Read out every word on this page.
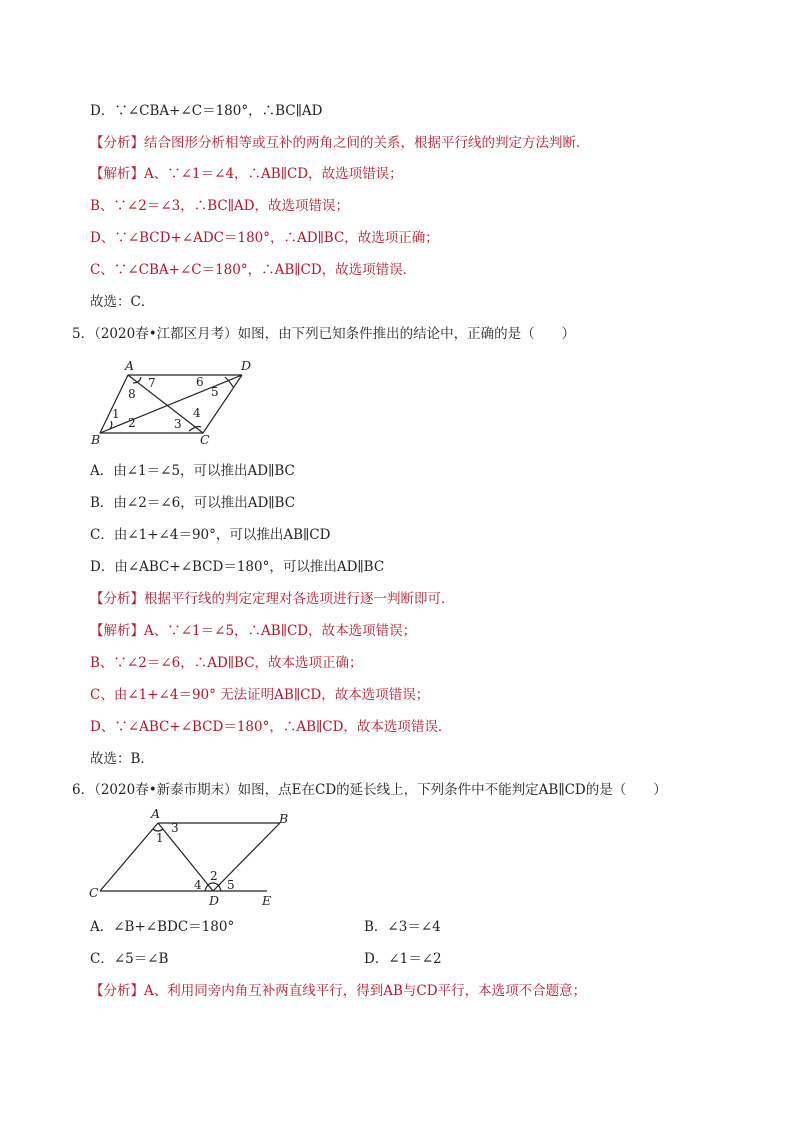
D．∵∠CBA+∠C＝180°，∴BC∥AD
【分析】结合图形分析相等或互补的两角之间的关系，根据平行线的判定方法判断．
【解析】A、∵∠1＝∠4，∴AB∥CD，故选项错误；
B、∵∠2＝∠3，∴BC∥AD，故选项错误；
D、∵∠BCD+∠ADC＝180°，∴AD∥BC，故选项正确；
C、∵∠CBA+∠C＝180°，∴AB∥CD，故选项错误．
故选：C．
5．（2020春•江都区月考）如图，由下列已知条件推出的结论中，正确的是（　　）
A	D
B	C
1
2	3
4
5
6
7
8
A．由∠1＝∠5，可以推出AD∥BC
B．由∠2＝∠6，可以推出AD∥BC
C．由∠1+∠4＝90°，可以推出AB∥CD
D．由∠ABC+∠BCD＝180°，可以推出AD∥BC
【分析】根据平行线的判定定理对各选项进行逐一判断即可．
【解析】A、∵∠1＝∠5，∴AB∥CD，故本选项错误；
B、∵∠2＝∠6，∴AD∥BC，故本选项正确；
C、由∠1+∠4＝90° 无法证明AB∥CD，故本选项错误；
D、∵∠ABC+∠BCD＝180°，∴AB∥CD，故本选项错误．
故选：B．
6．（2020春•新泰市期末）如图，点E在CD的延长线上，下列条件中不能判定AB∥CD的是（　　）
A	B
C
D	E
1
2
3
4 5
A．∠B+∠BDC＝180°	B．∠3＝∠4
C．∠5＝∠B	D．∠1＝∠2
【分析】A、利用同旁内角互补两直线平行，得到AB与CD平行，本选项不合题意；
